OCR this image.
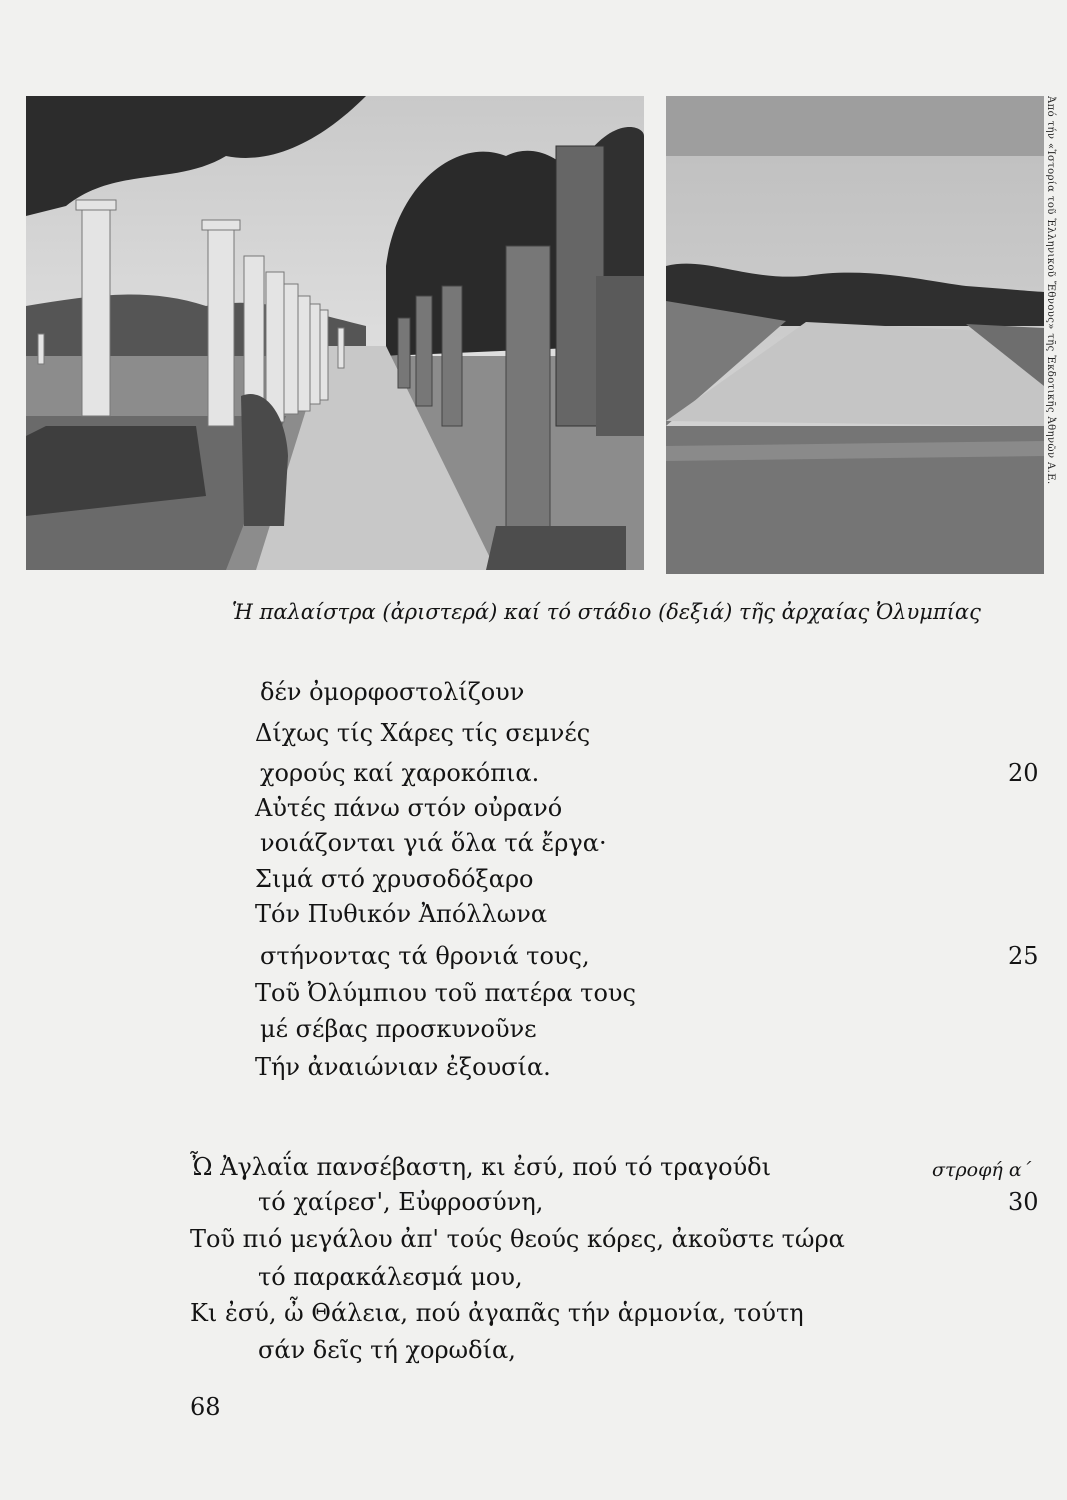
Ἀπό τήν «Ἱστορία τοῦ Ἑλληνικοῦ Ἔθνους» τῆς Ἐκδοτικῆς Ἀθηνῶν Α.Ε.
Ἡ παλαίστρα (ἀριστερά) καί τό στάδιο (δεξιά) τῆς ἀρχαίας Ὀλυμπίας
δέν ὀμορφοστολίζουν
Δίχως τίς Χάρες τίς σεμνές
χορούς καί χαροκόπια.	20
Αὐτές πάνω στόν οὐρανό
νοιάζονται γιά ὅλα τά ἔργα·
Σιμά στό χρυσοδόξαρο
Τόν Πυθικόν Ἀπόλλωνα
στήνοντας τά θρονιά τους,	25
Τοῦ Ὀλύμπιου τοῦ πατέρα τους
μέ σέβας προσκυνοῦνε
Τήν ἀναιώνιαν ἐξουσία.
Ὦ Ἀγλαΐα πανσέβαστη, κι ἐσύ, πού τό τραγούδι	στροφή α΄
τό χαίρεσ', Εὐφροσύνη,	30
Τοῦ πιό μεγάλου ἀπ' τούς θεούς κόρες, ἀκοῦστε τώρα
τό παρακάλεσμά μου,
Κι ἐσύ, ὦ Θάλεια, πού ἀγαπᾶς τήν ἁρμονία, τούτη
σάν δεῖς τή χορωδία,
68
